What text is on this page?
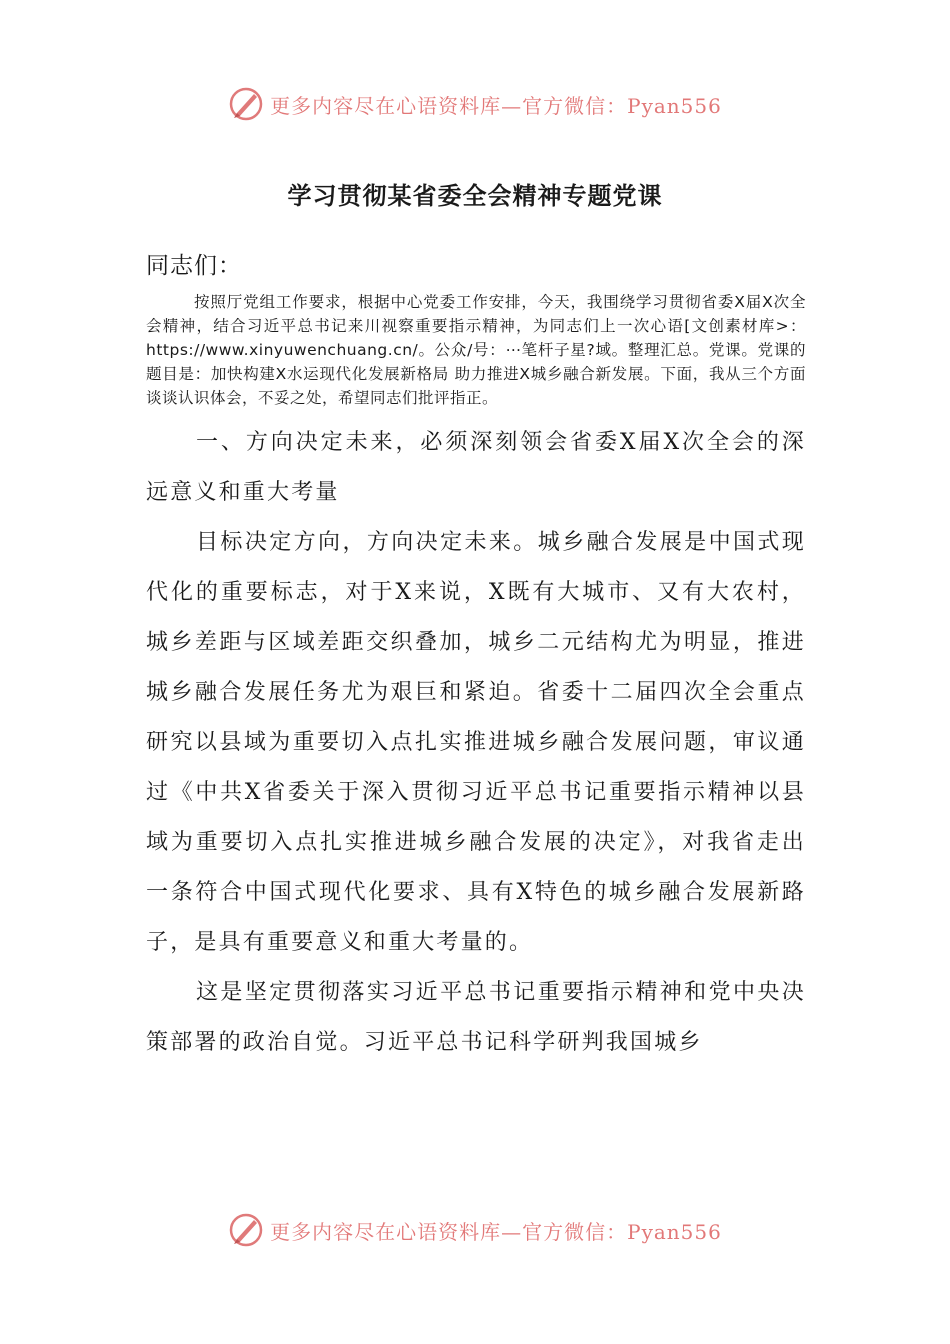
更多内容尽在心语资料库—官方微信：Pyan556
学习贯彻某省委全会精神专题党课

同志们：

按照厅党组工作要求，根据中心党委工作安排，今天，我围绕学习贯彻省委X届X次全会精神，结合习近平总书记来川视察重要指示精神，为同志们上一次心语[文创素材库>：https://www.xinyuwenchuang.cn/。公众/号：⋯笔杆子星?域。整理汇总。党课。党课的题目是：加快构建X水运现代化发展新格局 助力推进X城乡融合新发展。下面，我从三个方面谈谈认识体会，不妥之处，希望同志们批评指正。

一、方向决定未来，必须深刻领会省委X届X次全会的深远意义和重大考量

目标决定方向，方向决定未来。城乡融合发展是中国式现代化的重要标志，对于X来说，X既有大城市、又有大农村，城乡差距与区域差距交织叠加，城乡二元结构尤为明显，推进城乡融合发展任务尤为艰巨和紧迫。省委十二届四次全会重点研究以县域为重要切入点扎实推进城乡融合发展问题，审议通过《中共X省委关于深入贯彻习近平总书记重要指示精神以县域为重要切入点扎实推进城乡融合发展的决定》，对我省走出一条符合中国式现代化要求、具有X特色的城乡融合发展新路子，是具有重要意义和重大考量的。

这是坚定贯彻落实习近平总书记重要指示精神和党中央决策部署的政治自觉。习近平总书记科学研判我国城乡

更多内容尽在心语资料库—官方微信：Pyan556
